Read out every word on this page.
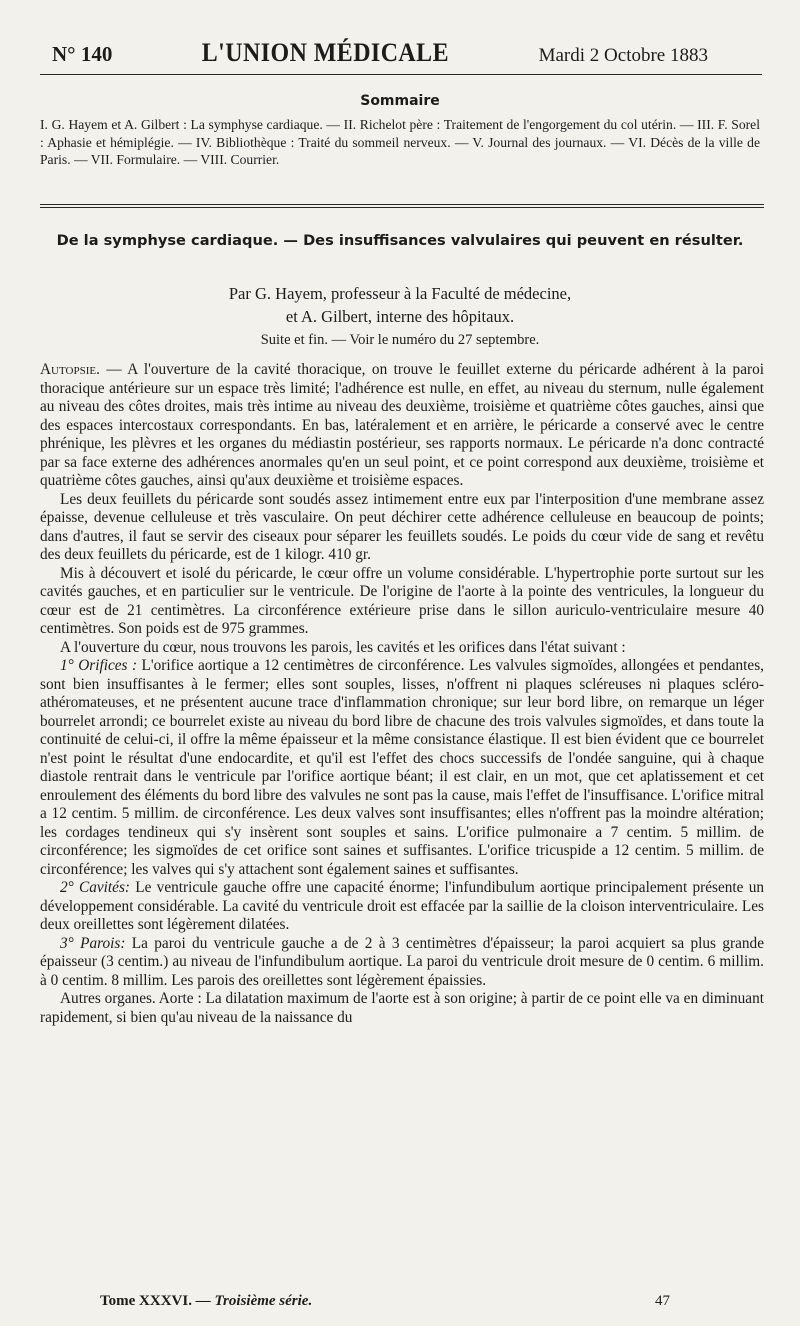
N° 140	L'UNION MÉDICALE	Mardi 2 Octobre 1883
Sommaire
I. G. Hayem et A. Gilbert : La symphyse cardiaque. — II. Richelot père : Traitement de l'engorgement du col utérin. — III. F. Sorel : Aphasie et hémiplégie. — IV. Bibliothèque : Traité du sommeil nerveux. — V. Journal des journaux. — VI. Décès de la ville de Paris. — VII. Formulaire. — VIII. Courrier.
De la symphyse cardiaque. — Des insuffisances valvulaires qui peuvent en résulter.
Par G. Hayem, professeur à la Faculté de médecine,
et A. Gilbert, interne des hôpitaux.
Suite et fin. — Voir le numéro du 27 septembre.

Autopsie. — A l'ouverture de la cavité thoracique, on trouve le feuillet externe du péricarde adhérent à la paroi thoracique antérieure sur un espace très limité; l'adhérence est nulle, en effet, au niveau du sternum, nulle également au niveau des côtes droites, mais très intime au niveau des deuxième, troisième et quatrième côtes gauches, ainsi que des espaces intercostaux correspondants. En bas, latéralement et en arrière, le péricarde a conservé avec le centre phrénique, les plèvres et les organes du médiastin postérieur, ses rapports normaux. Le péricarde n'a donc contracté par sa face externe des adhérences anormales qu'en un seul point, et ce point correspond aux deuxième, troisième et quatrième côtes gauches, ainsi qu'aux deuxième et troisième espaces.

Les deux feuillets du péricarde sont soudés assez intimement entre eux par l'interposition d'une membrane assez épaisse, devenue celluleuse et très vasculaire. On peut déchirer cette adhérence celluleuse en beaucoup de points; dans d'autres, il faut se servir des ciseaux pour séparer les feuillets soudés. Le poids du cœur vide de sang et revêtu des deux feuillets du péricarde, est de 1 kilogr. 410 gr.

Mis à découvert et isolé du péricarde, le cœur offre un volume considérable. L'hypertrophie porte surtout sur les cavités gauches, et en particulier sur le ventricule. De l'origine de l'aorte à la pointe des ventricules, la longueur du cœur est de 21 centimètres. La circonférence extérieure prise dans le sillon auriculo-ventriculaire mesure 40 centimètres. Son poids est de 975 grammes.

A l'ouverture du cœur, nous trouvons les parois, les cavités et les orifices dans l'état suivant :

1° Orifices : L'orifice aortique a 12 centimètres de circonférence. Les valvules sigmoïdes, allongées et pendantes, sont bien insuffisantes à le fermer; elles sont souples, lisses, n'offrent ni plaques scléreuses ni plaques scléro-athéromateuses, et ne présentent aucune trace d'inflammation chronique; sur leur bord libre, on remarque un léger bourrelet arrondi; ce bourrelet existe au niveau du bord libre de chacune des trois valvules sigmoïdes, et dans toute la continuité de celui-ci, il offre la même épaisseur et la même consistance élastique. Il est bien évident que ce bourrelet n'est point le résultat d'une endocardite, et qu'il est l'effet des chocs successifs de l'ondée sanguine, qui à chaque diastole rentrait dans le ventricule par l'orifice aortique béant; il est clair, en un mot, que cet aplatissement et cet enroulement des éléments du bord libre des valvules ne sont pas la cause, mais l'effet de l'insuffisance. L'orifice mitral a 12 centim. 5 millim. de circonférence. Les deux valves sont insuffisantes; elles n'offrent pas la moindre altération; les cordages tendineux qui s'y insèrent sont souples et sains. L'orifice pulmonaire a 7 centim. 5 millim. de circonférence; les sigmoïdes de cet orifice sont saines et suffisantes. L'orifice tricuspide a 12 centim. 5 millim. de circonférence; les valves qui s'y attachent sont également saines et suffisantes.

2° Cavités: Le ventricule gauche offre une capacité énorme; l'infundibulum aortique principalement présente un développement considérable. La cavité du ventricule droit est effacée par la saillie de la cloison interventriculaire. Les deux oreillettes sont légèrement dilatées.

3° Parois: La paroi du ventricule gauche a de 2 à 3 centimètres d'épaisseur; la paroi acquiert sa plus grande épaisseur (3 centim.) au niveau de l'infundibulum aortique. La paroi du ventricule droit mesure de 0 centim. 6 millim. à 0 centim. 8 millim. Les parois des oreillettes sont légèrement épaissies.

Autres organes. Aorte : La dilatation maximum de l'aorte est à son origine; à partir de ce point elle va en diminuant rapidement, si bien qu'au niveau de la naissance du

Tome XXXVI. — Troisième série.	47
